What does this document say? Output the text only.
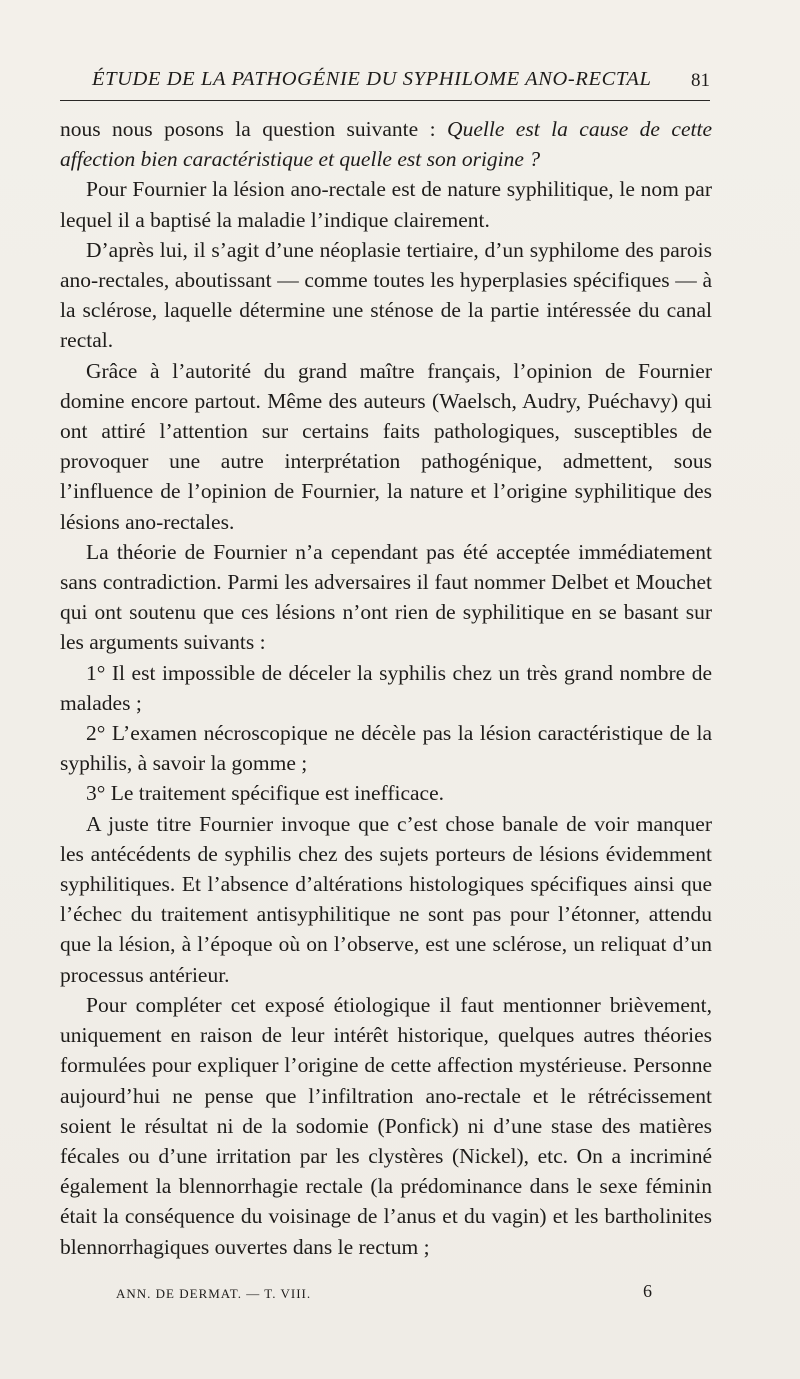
ÉTUDE DE LA PATHOGÉNIE DU SYPHILOME ANO-RECTAL 81

nous nous posons la question suivante : Quelle est la cause de cette affection bien caractéristique et quelle est son origine ?

Pour Fournier la lésion ano-rectale est de nature syphilitique, le nom par lequel il a baptisé la maladie l’indique clairement.

D’après lui, il s’agit d’une néoplasie tertiaire, d’un syphilome des parois ano-rectales, aboutissant — comme toutes les hyperplasies spécifiques — à la sclérose, laquelle détermine une sténose de la partie intéressée du canal rectal.

Grâce à l’autorité du grand maître français, l’opinion de Fournier domine encore partout. Même des auteurs (Waelsch, Audry, Puéchavy) qui ont attiré l’attention sur certains faits pathologiques, susceptibles de provoquer une autre interprétation pathogénique, admettent, sous l’influence de l’opinion de Fournier, la nature et l’origine syphilitique des lésions ano-rectales.

La théorie de Fournier n’a cependant pas été acceptée immédiatement sans contradiction. Parmi les adversaires il faut nommer Delbet et Mouchet qui ont soutenu que ces lésions n’ont rien de syphilitique en se basant sur les arguments suivants :

1° Il est impossible de déceler la syphilis chez un très grand nombre de malades ;

2° L’examen nécroscopique ne décèle pas la lésion caractéristique de la syphilis, à savoir la gomme ;

3° Le traitement spécifique est inefficace.

A juste titre Fournier invoque que c’est chose banale de voir manquer les antécédents de syphilis chez des sujets porteurs de lésions évidemment syphilitiques. Et l’absence d’altérations histologiques spécifiques ainsi que l’échec du traitement antisyphilitique ne sont pas pour l’étonner, attendu que la lésion, à l’époque où on l’observe, est une sclérose, un reliquat d’un processus antérieur.

Pour compléter cet exposé étiologique il faut mentionner brièvement, uniquement en raison de leur intérêt historique, quelques autres théories formulées pour expliquer l’origine de cette affection mystérieuse. Personne aujourd’hui ne pense que l’infiltration ano-rectale et le rétrécissement soient le résultat ni de la sodomie (Ponfick) ni d’une stase des matières fécales ou d’une irritation par les clystères (Nickel), etc. On a incriminé également la blennorrhagie rectale (la prédominance dans le sexe féminin était la conséquence du voisinage de l’anus et du vagin) et les bartholinites blennorrhagiques ouvertes dans le rectum ;

ANN. DE DERMAT. — T. VIII.	6
